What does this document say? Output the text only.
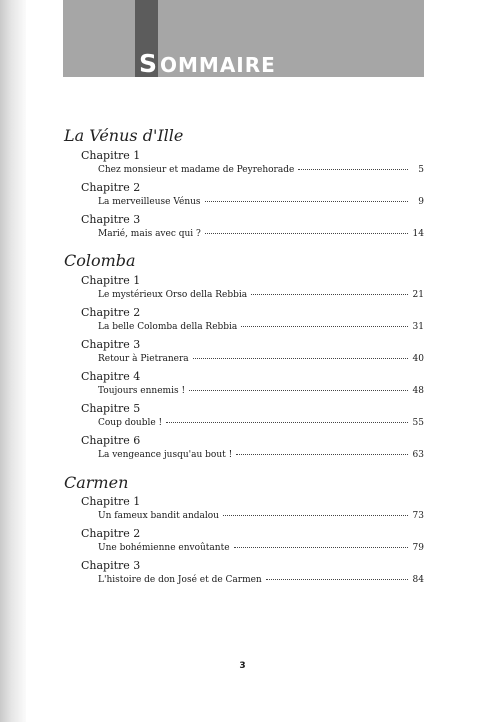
S OMMAIRE
La Vénus d'Ille
Chapitre 1
Chez monsieur et madame de Peyrehorade	5
Chapitre 2
La merveilleuse Vénus	9
Chapitre 3
Marié, mais avec qui ?	14
Colomba
Chapitre 1
Le mystérieux Orso della Rebbia	21
Chapitre 2
La belle Colomba della Rebbia	31
Chapitre 3
Retour à Pietranera	40
Chapitre 4
Toujours ennemis !	48
Chapitre 5
Coup double !	55
Chapitre 6
La vengeance jusqu'au bout !	63
Carmen
Chapitre 1
Un fameux bandit andalou	73
Chapitre 2
Une bohémienne envoûtante	79
Chapitre 3
L'histoire de don José et de Carmen	84
3
